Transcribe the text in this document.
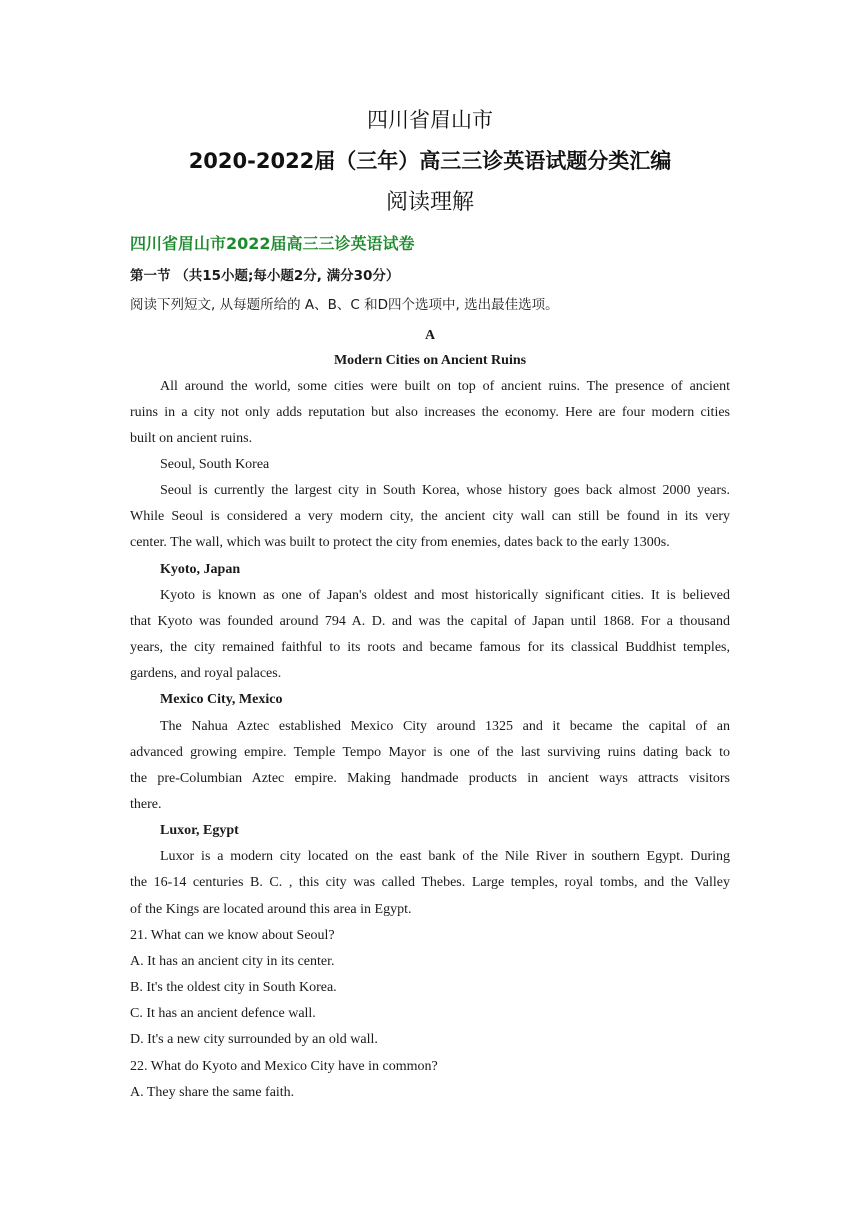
四川省眉山市
2020-2022届（三年）高三三诊英语试题分类汇编
阅读理解
四川省眉山市2022届高三三诊英语试卷
第一节 （共15小题;每小题2分, 满分30分）
阅读下列短文, 从每题所给的 A、B、C 和D四个选项中, 选出最佳选项。
A
Modern Cities on Ancient Ruins
All around the world, some cities were built on top of ancient ruins. The presence of ancient
ruins in a city not only adds reputation but also increases the economy. Here are four modern cities
built on ancient ruins.
Seoul, South Korea
Seoul is currently the largest city in South Korea, whose history goes back almost 2000 years.
While Seoul is considered a very modern city, the ancient city wall can still be found in its very
center. The wall, which was built to protect the city from enemies, dates back to the early 1300s.
Kyoto, Japan
Kyoto is known as one of Japan's oldest and most historically significant cities. It is believed
that Kyoto was founded around 794 A. D. and was the capital of Japan until 1868. For a thousand
years, the city remained faithful to its roots and became famous for its classical Buddhist temples,
gardens, and royal palaces.
Mexico City, Mexico
The Nahua Aztec established Mexico City around 1325 and it became the capital of an
advanced growing empire. Temple Tempo Mayor is one of the last surviving ruins dating back to
the pre-Columbian Aztec empire. Making handmade products in ancient ways attracts visitors
there.
Luxor, Egypt
Luxor is a modern city located on the east bank of the Nile River in southern Egypt. During
the 16-14 centuries B. C. , this city was called Thebes. Large temples, royal tombs, and the Valley
of the Kings are located around this area in Egypt.
21. What can we know about Seoul?
A. It has an ancient city in its center.
B. It's the oldest city in South Korea.
C. It has an ancient defence wall.
D. It's a new city surrounded by an old wall.
22. What do Kyoto and Mexico City have in common?
A. They share the same faith.
